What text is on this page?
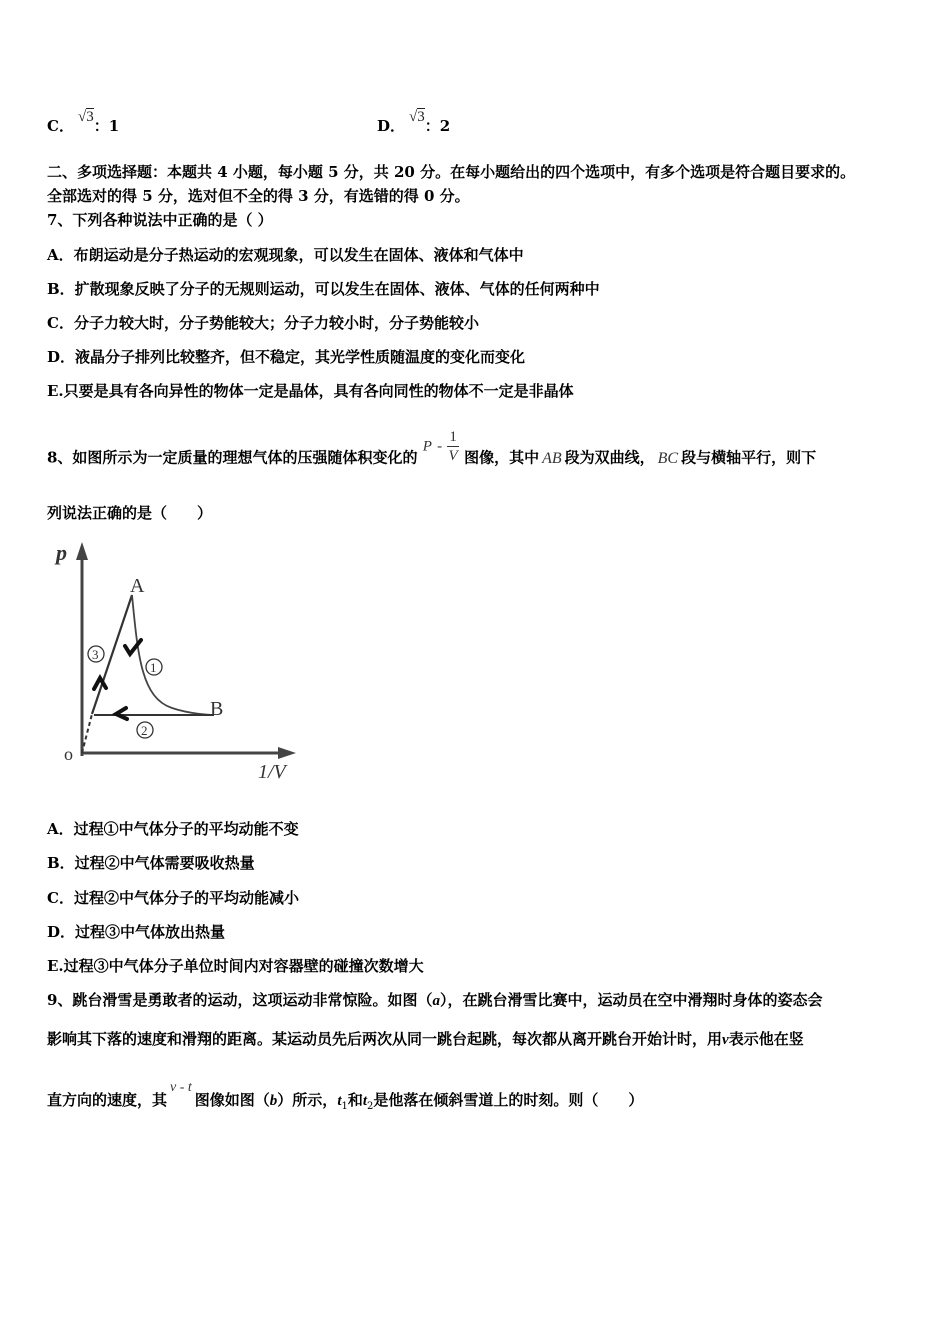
C． √3：1	D． √3：2
二、多项选择题：本题共 4 小题，每小题 5 分，共 20 分。在每小题给出的四个选项中，有多个选项是符合题目要求的。
全部选对的得 5 分，选对但不全的得 3 分，有选错的得 0 分。
7、下列各种说法中正确的是（ ）
A．布朗运动是分子热运动的宏观现象，可以发生在固体、液体和气体中
B．扩散现象反映了分子的无规则运动，可以发生在固体、液体、气体的任何两种中
C．分子力较大时，分子势能较大；分子力较小时，分子势能较小
D．液晶分子排列比较整齐，但不稳定，其光学性质随温度的变化而变化
E.只要是具有各向异性的物体一定是晶体，具有各向同性的物体不一定是非晶体
8、如图所示为一定质量的理想气体的压强随体积变化的 P - $\frac{1}{V}$ 图像，其中 AB 段为双曲线， BC 段与横轴平行，则下
列说法正确的是（　　）
p
1/V
o
A
B
1
3
2
A．过程①中气体分子的平均动能不变
B．过程②中气体需要吸收热量
C．过程②中气体分子的平均动能减小
D．过程③中气体放出热量
E.过程③中气体分子单位时间内对容器壁的碰撞次数增大
9、跳台滑雪是勇敢者的运动，这项运动非常惊险。如图（a），在跳台滑雪比赛中，运动员在空中滑翔时身体的姿态会
影响其下落的速度和滑翔的距离。某运动员先后两次从同一跳台起跳，每次都从离开跳台开始计时，用v表示他在竖
直方向的速度，其v - t图像如图（b）所示，$t_1$和$t_2$是他落在倾斜雪道上的时刻。则（　　）
